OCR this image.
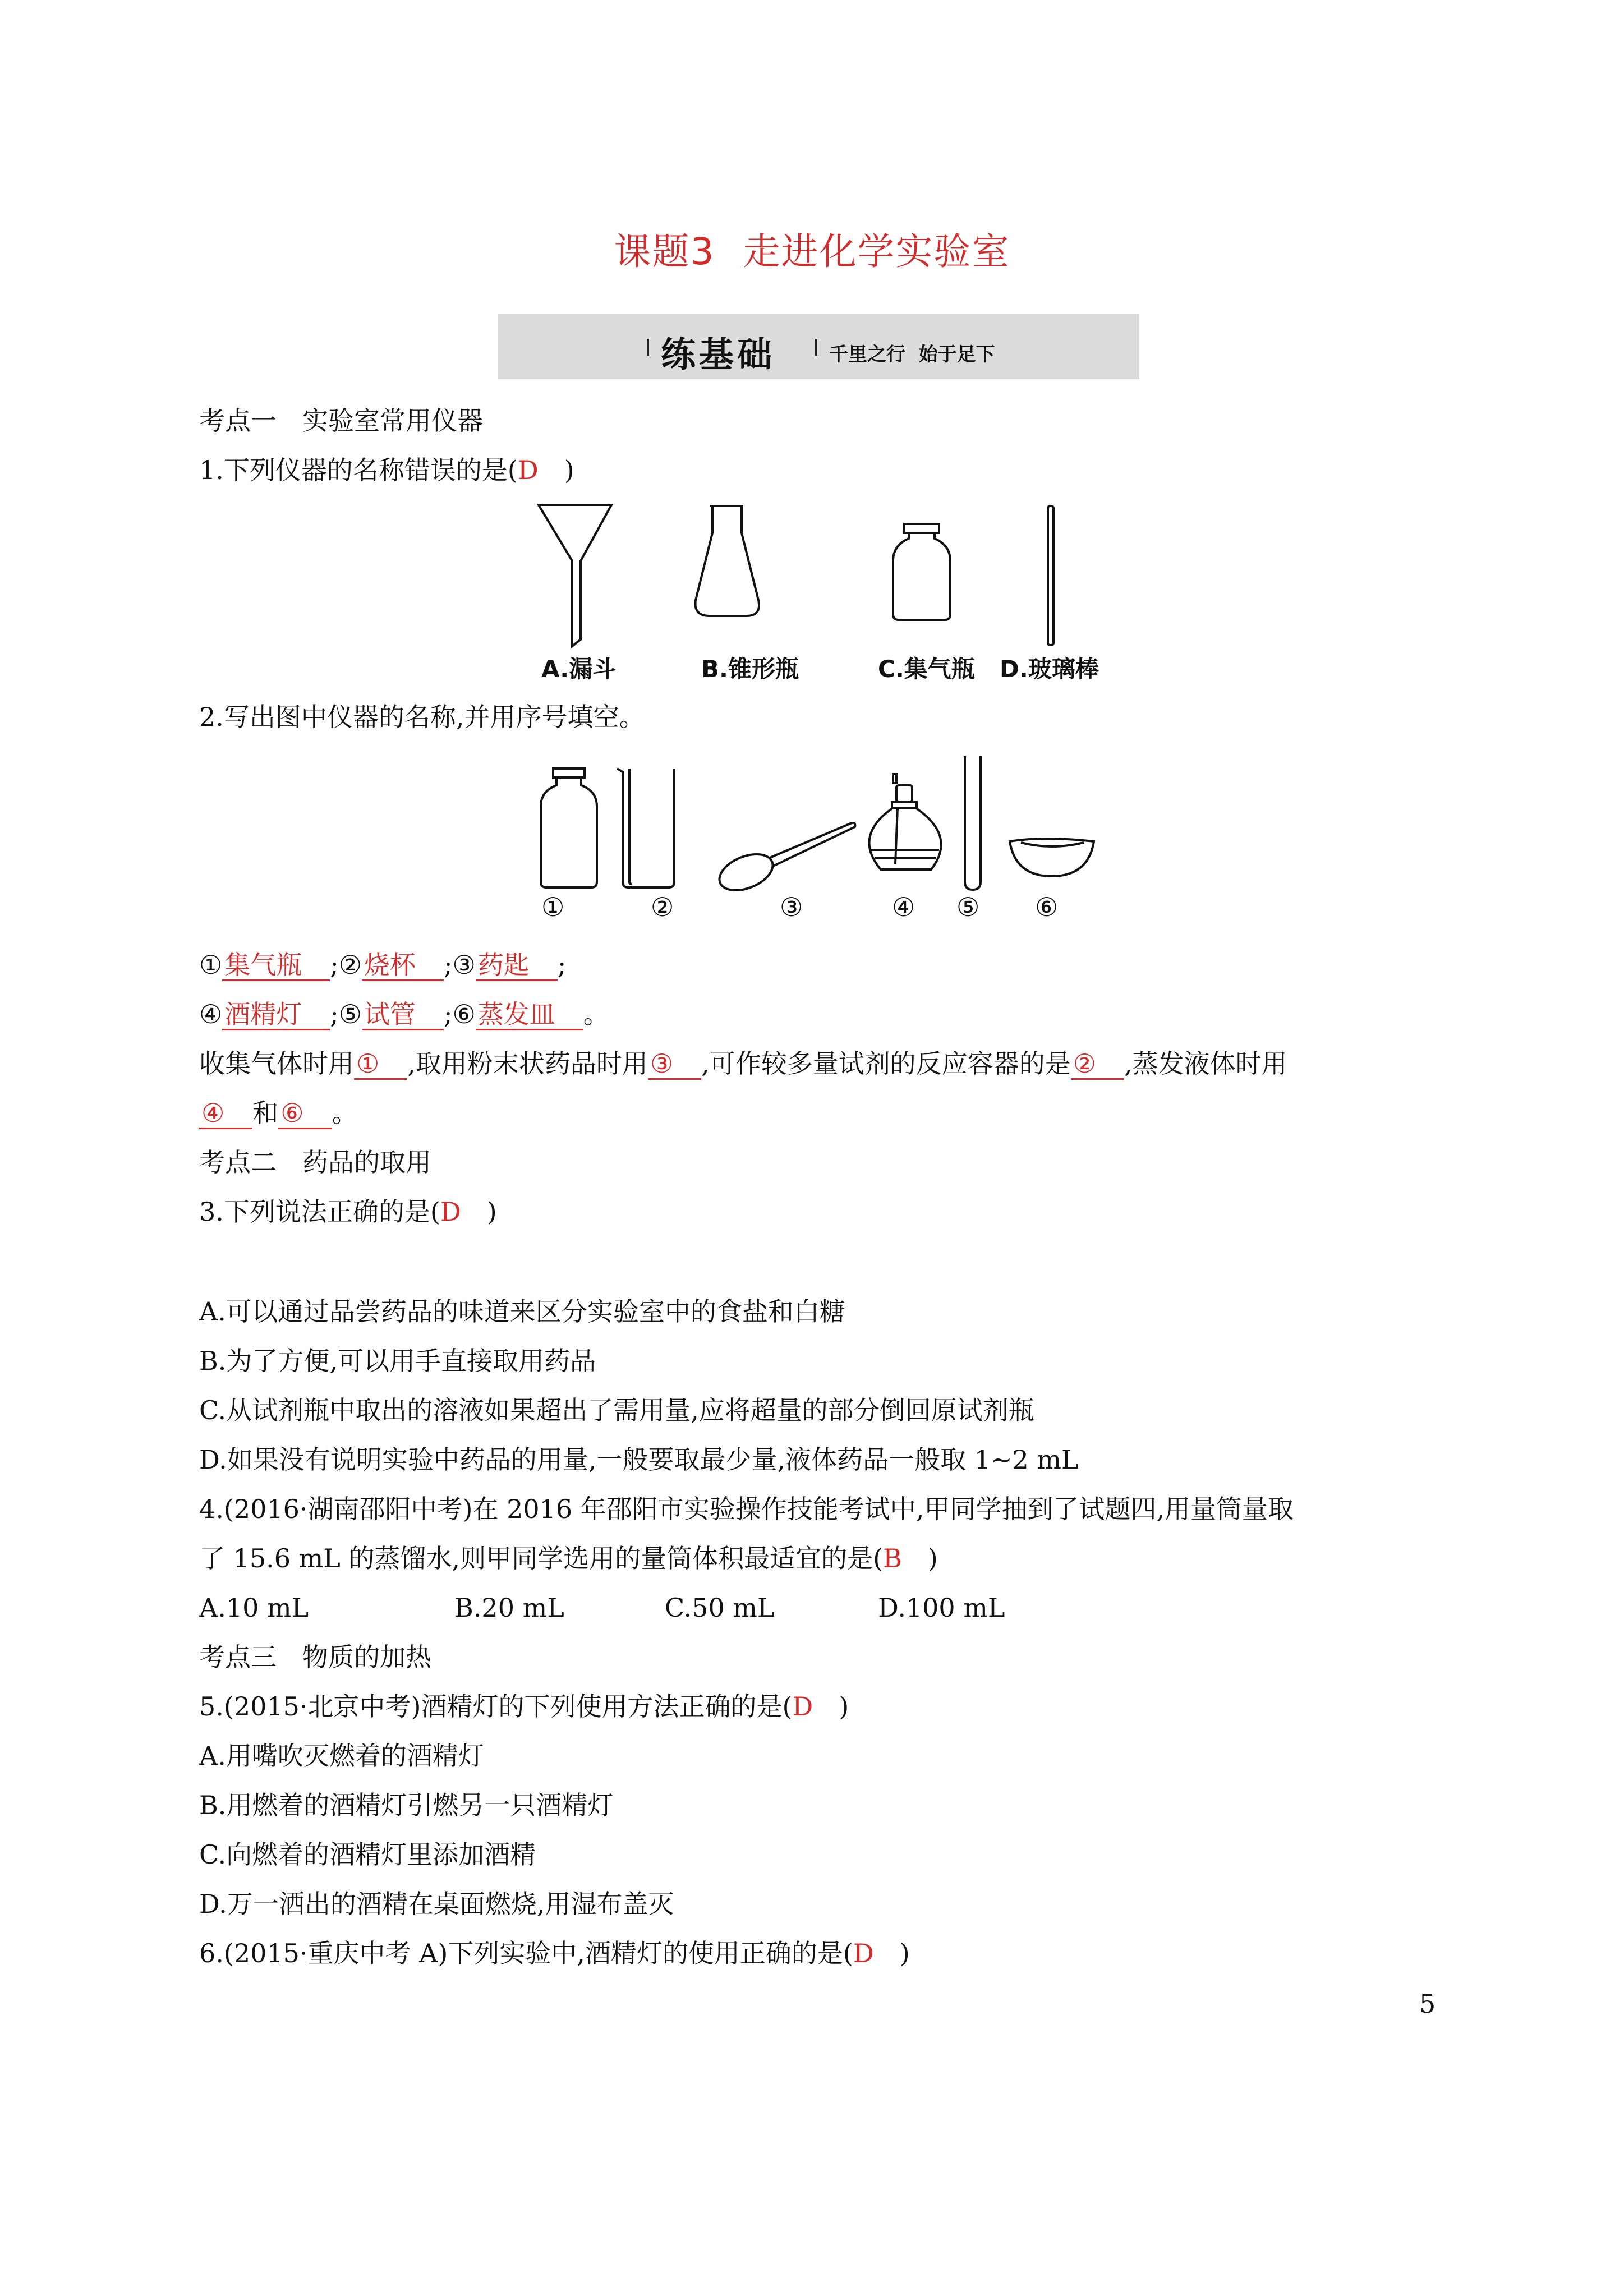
课题3 走进化学实验室
练基础	千里之行  始于足下
考点一　实验室常用仪器
1.下列仪器的名称错误的是(D  )
A.漏斗	B.锥形瓶	C.集气瓶 D.玻璃棒
2.写出图中仪器的名称,并用序号填空。
①	②	③	④ ⑤ ⑥
①集气瓶  ;②烧杯  ;③药匙  ;
④酒精灯  ;⑤试管  ;⑥蒸发皿  。
收集气体时用①  ,取用粉末状药品时用③  ,可作较多量试剂的反应容器的是②  ,蒸发液体时用
④  和⑥  。
考点二　药品的取用
3.下列说法正确的是(D  )
A.可以通过品尝药品的味道来区分实验室中的食盐和白糖
B.为了方便,可以用手直接取用药品
C.从试剂瓶中取出的溶液如果超出了需用量,应将超量的部分倒回原试剂瓶
D.如果没有说明实验中药品的用量,一般要取最少量,液体药品一般取 1~2 mL
4.(2016·湖南邵阳中考)在 2016 年邵阳市实验操作技能考试中,甲同学抽到了试题四,用量筒量取
了 15.6 mL 的蒸馏水,则甲同学选用的量筒体积最适宜的是(B  )
A.10 mL	B.20 mL	C.50 mL	D.100 mL
考点三　物质的加热
5.(2015·北京中考)酒精灯的下列使用方法正确的是(D  )
A.用嘴吹灭燃着的酒精灯
B.用燃着的酒精灯引燃另一只酒精灯
C.向燃着的酒精灯里添加酒精
D.万一洒出的酒精在桌面燃烧,用湿布盖灭
6.(2015·重庆中考 A)下列实验中,酒精灯的使用正确的是(D  )
5
